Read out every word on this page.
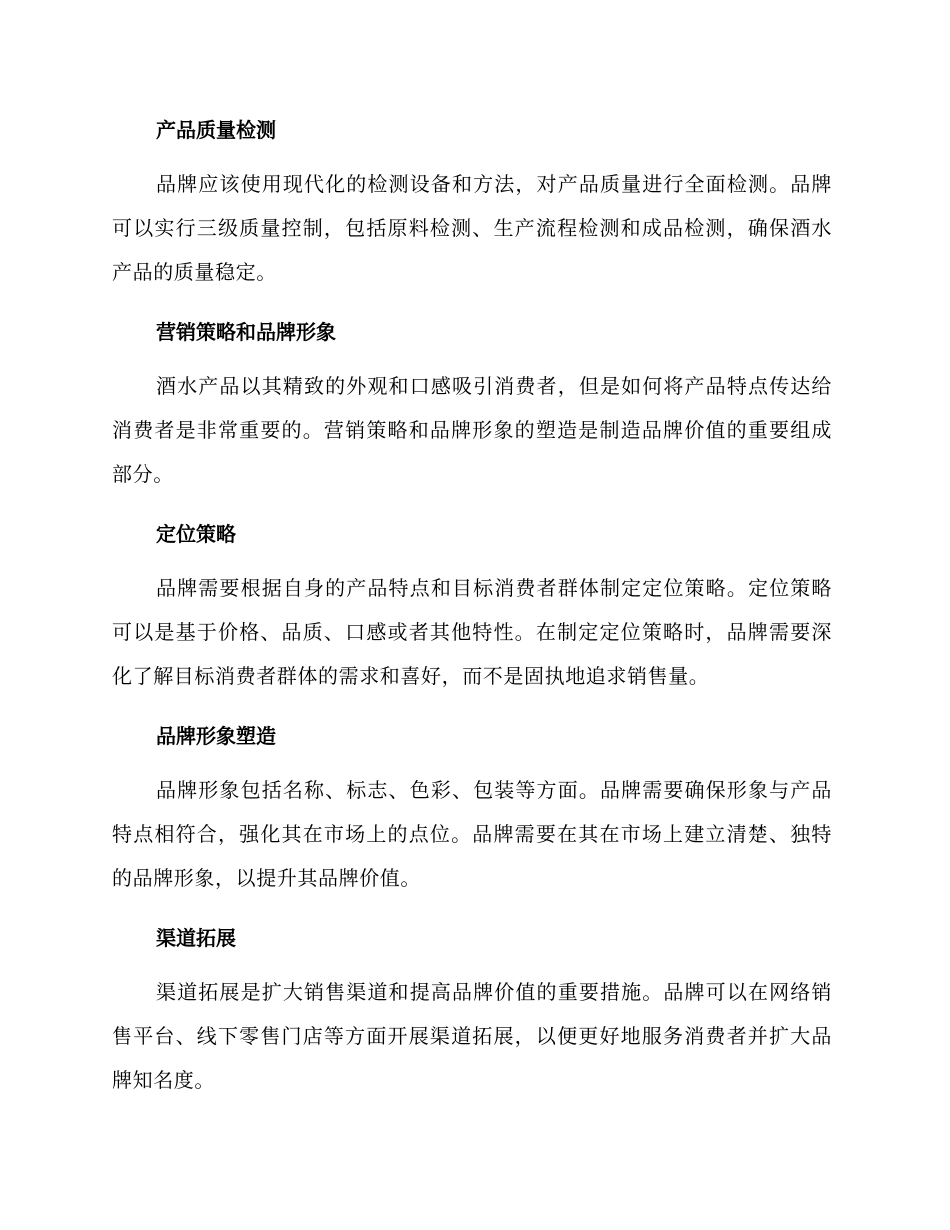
产品质量检测

品牌应该使用现代化的检测设备和方法，对产品质量进行全面检测。品牌可以实行三级质量控制，包括原料检测、生产流程检测和成品检测，确保酒水产品的质量稳定。

营销策略和品牌形象

酒水产品以其精致的外观和口感吸引消费者，但是如何将产品特点传达给消费者是非常重要的。营销策略和品牌形象的塑造是制造品牌价值的重要组成部分。

定位策略

品牌需要根据自身的产品特点和目标消费者群体制定定位策略。定位策略可以是基于价格、品质、口感或者其他特性。在制定定位策略时，品牌需要深化了解目标消费者群体的需求和喜好，而不是固执地追求销售量。

品牌形象塑造

品牌形象包括名称、标志、色彩、包装等方面。品牌需要确保形象与产品特点相符合，强化其在市场上的点位。品牌需要在其在市场上建立清楚、独特的品牌形象，以提升其品牌价值。

渠道拓展

渠道拓展是扩大销售渠道和提高品牌价值的重要措施。品牌可以在网络销售平台、线下零售门店等方面开展渠道拓展，以便更好地服务消费者并扩大品牌知名度。
